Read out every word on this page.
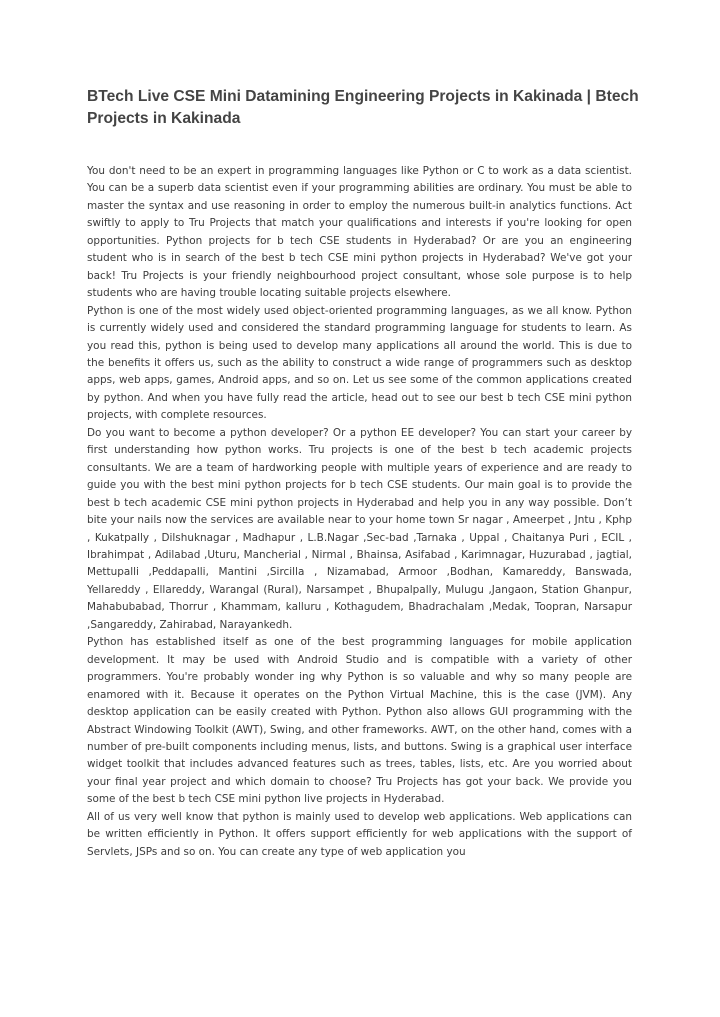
BTech Live CSE Mini Datamining Engineering Projects in Kakinada | Btech Projects in Kakinada

You don't need to be an expert in programming languages like Python or C to work as a data scientist. You can be a superb data scientist even if your programming abilities are ordinary. You must be able to master the syntax and use reasoning in order to employ the numerous built-in analytics functions. Act swiftly to apply to Tru Projects that match your qualifications and interests if you're looking for open opportunities. Python projects for b tech CSE students in Hyderabad? Or are you an engineering student who is in search of the best b tech CSE mini python projects in Hyderabad? We've got your back! Tru Projects is your friendly neighbourhood project consultant, whose sole purpose is to help students who are having trouble locating suitable projects elsewhere.

Python is one of the most widely used object-oriented programming languages, as we all know. Python is currently widely used and considered the standard programming language for students to learn. As you read this, python is being used to develop many applications all around the world. This is due to the benefits it offers us, such as the ability to construct a wide range of programmers such as desktop apps, web apps, games, Android apps, and so on. Let us see some of the common applications created by python. And when you have fully read the article, head out to see our best b tech CSE mini python projects, with complete resources.

Do you want to become a python developer? Or a python EE developer? You can start your career by first understanding how python works. Tru projects is one of the best b tech academic projects consultants. We are a team of hardworking people with multiple years of experience and are ready to guide you with the best mini python projects for b tech CSE students. Our main goal is to provide the best b tech academic CSE mini python projects in Hyderabad and help you in any way possible. Don’t bite your nails now the services are available near to your home town Sr nagar , Ameerpet , Jntu , Kphp , Kukatpally , Dilshuknagar , Madhapur , L.B.Nagar ,Sec-bad ,Tarnaka , Uppal , Chaitanya Puri , ECIL , Ibrahimpat , Adilabad ,Uturu, Mancherial , Nirmal , Bhainsa, Asifabad , Karimnagar, Huzurabad , jagtial, Mettupalli ,Peddapalli, Mantini ,Sircilla , Nizamabad, Armoor ,Bodhan, Kamareddy, Banswada, Yellareddy , Ellareddy, Warangal (Rural), Narsampet , Bhupalpally, Mulugu ,Jangaon, Station Ghanpur, Mahabubabad, Thorrur , Khammam, kalluru , Kothagudem, Bhadrachalam ,Medak, Toopran, Narsapur ,Sangareddy, Zahirabad, Narayankedh.

Python has established itself as one of the best programming languages for mobile application development. It may be used with Android Studio and is compatible with a variety of other programmers. You're probably wonder ing why Python is so valuable and why so many people are enamored with it. Because it operates on the Python Virtual Machine, this is the case (JVM). Any desktop application can be easily created with Python. Python also allows GUI programming with the Abstract Windowing Toolkit (AWT), Swing, and other frameworks. AWT, on the other hand, comes with a number of pre-built components including menus, lists, and buttons. Swing is a graphical user interface widget toolkit that includes advanced features such as trees, tables, lists, etc. Are you worried about your final year project and which domain to choose? Tru Projects has got your back. We provide you some of the best b tech CSE mini python live projects in Hyderabad.

All of us very well know that python is mainly used to develop web applications. Web applications can be written efficiently in Python. It offers support efficiently for web applications with the support of Servlets, JSPs and so on. You can create any type of web application you
